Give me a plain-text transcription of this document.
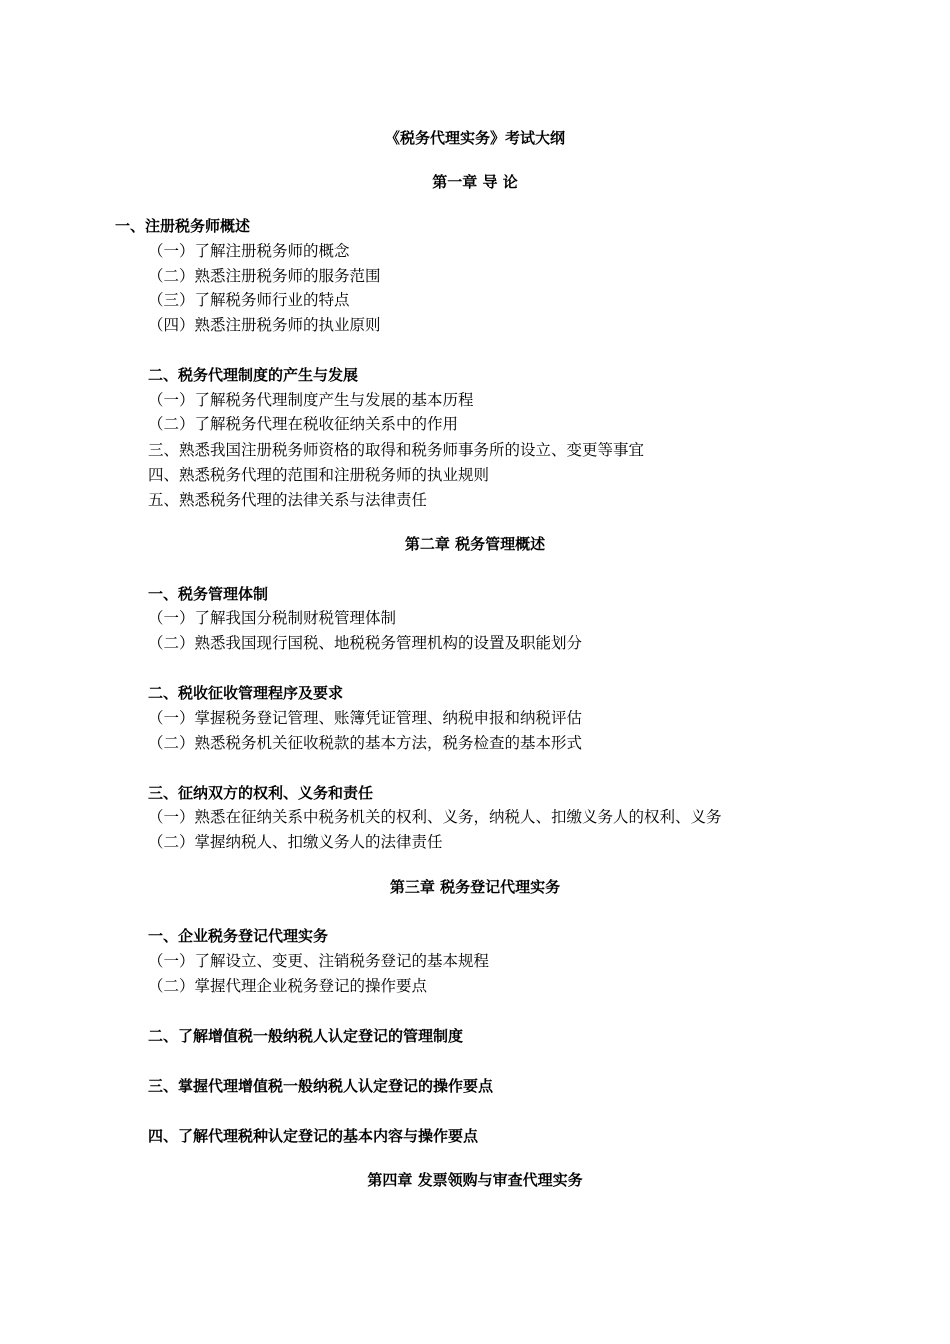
《税务代理实务》考试大纲
第一章 导 论
一、注册税务师概述
（一）了解注册税务师的概念
（二）熟悉注册税务师的服务范围
（三）了解税务师行业的特点
（四）熟悉注册税务师的执业原则
二、税务代理制度的产生与发展
（一）了解税务代理制度产生与发展的基本历程
（二）了解税务代理在税收征纳关系中的作用
三、熟悉我国注册税务师资格的取得和税务师事务所的设立、变更等事宜
四、熟悉税务代理的范围和注册税务师的执业规则
五、熟悉税务代理的法律关系与法律责任
第二章 税务管理概述
一、税务管理体制
（一）了解我国分税制财税管理体制
（二）熟悉我国现行国税、地税税务管理机构的设置及职能划分
二、税收征收管理程序及要求
（一）掌握税务登记管理、账簿凭证管理、纳税申报和纳税评估
（二）熟悉税务机关征收税款的基本方法，税务检查的基本形式
三、征纳双方的权利、义务和责任
（一）熟悉在征纳关系中税务机关的权利、义务，纳税人、扣缴义务人的权利、义务
（二）掌握纳税人、扣缴义务人的法律责任
第三章 税务登记代理实务
一、企业税务登记代理实务
（一）了解设立、变更、注销税务登记的基本规程
（二）掌握代理企业税务登记的操作要点
二、了解增值税一般纳税人认定登记的管理制度
三、掌握代理增值税一般纳税人认定登记的操作要点
四、了解代理税种认定登记的基本内容与操作要点
第四章 发票领购与审查代理实务
